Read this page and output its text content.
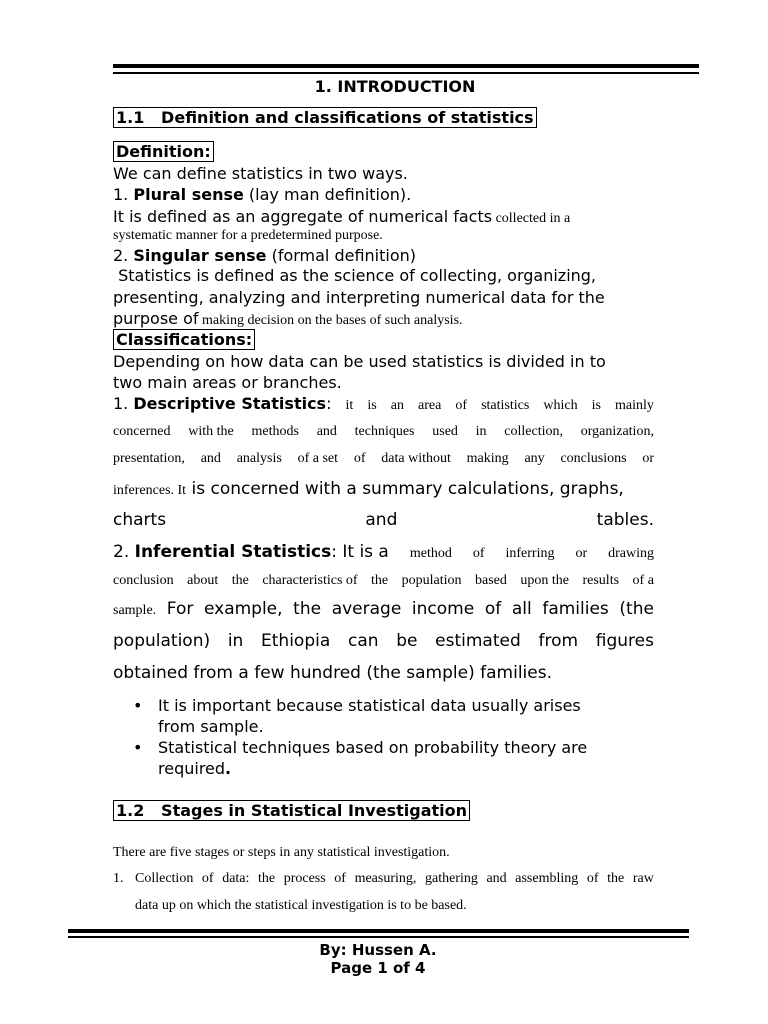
1. INTRODUCTION
1.1   Definition and classifications of statistics
Definition:
We can define statistics in two ways.
1. Plural sense (lay man definition).
It is defined as an aggregate of numerical facts collected in a
systematic manner for a predetermined purpose.
2. Singular sense (formal definition)
Statistics is defined as the science of collecting, organizing,
presenting, analyzing and interpreting numerical data for the
purpose of making decision on the bases of such analysis.
Classifications:
Depending on how data can be used statistics is divided in to
two main areas or branches.
1. Descriptive Statistics: it is an area of statistics which is mainly
concerned with the methods and techniques used in collection, organization,
presentation, and analysis of a set of data without making any conclusions or
inferences. It is concerned with a summary calculations, graphs,
charts	and	tables.
2. Inferential Statistics: It is a method of inferring or drawing
conclusion about the characteristics of the population based upon the results of a
sample. For example, the average income of all families (the
population) in Ethiopia can be estimated from figures
obtained from a few hundred (the sample) families.
• It is important because statistical data usually arises
from sample.
• Statistical techniques based on probability theory are
required.
1.2   Stages in Statistical Investigation
There are five stages or steps in any statistical investigation.
1. Collection of data: the process of measuring, gathering and assembling of the raw
data up on which the statistical investigation is to be based.
By: Hussen A.
Page 1 of 4
